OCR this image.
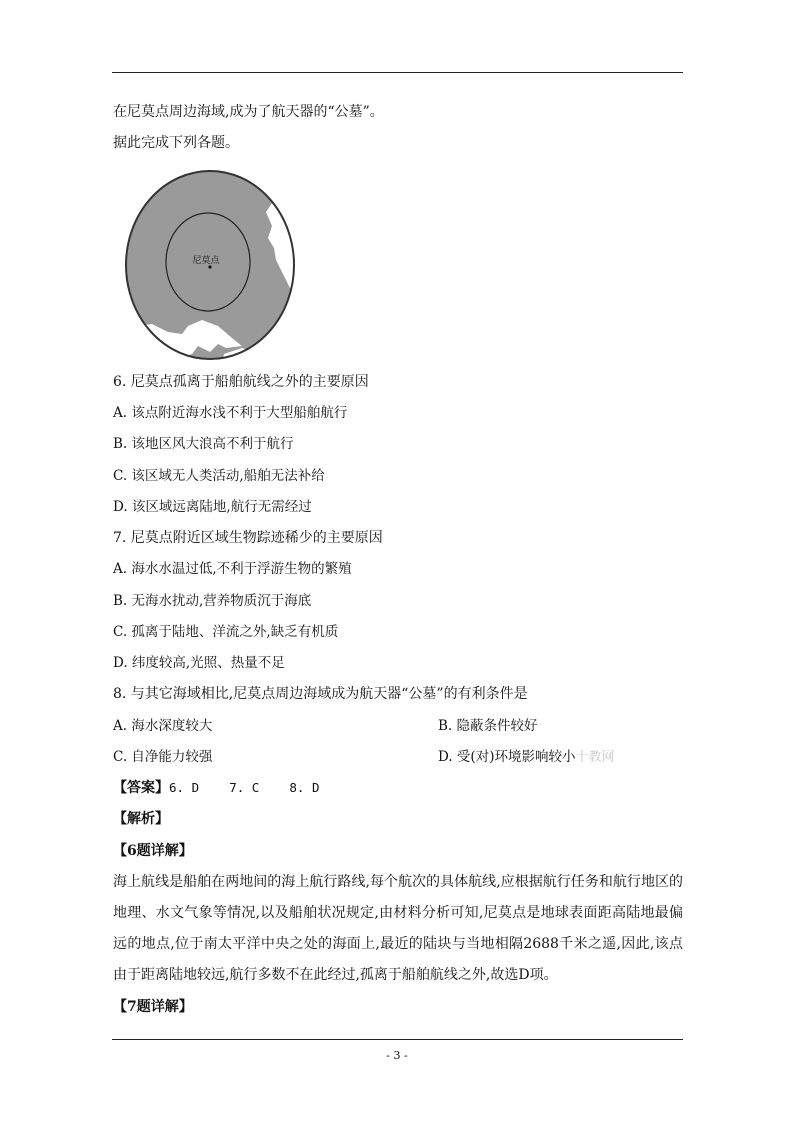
在尼莫点周边海域,成为了航天器的“公墓”。
据此完成下列各题。
尼莫点
6. 尼莫点孤离于船舶航线之外的主要原因
A. 该点附近海水浅不利于大型船舶航行
B. 该地区风大浪高不利于航行
C. 该区域无人类活动,船舶无法补给
D. 该区域远离陆地,航行无需经过
7. 尼莫点附近区域生物踪迹稀少的主要原因
A. 海水水温过低,不利于浮游生物的繁殖
B. 无海水扰动,营养物质沉于海底
C. 孤离于陆地、洋流之外,缺乏有机质
D. 纬度较高,光照、热量不足
8. 与其它海域相比,尼莫点周边海域成为航天器“公墓”的有利条件是
A. 海水深度较大	B. 隐蔽条件较好
C. 自净能力较强	D. 受(对)环境影响较小十教网
【答案】6. D    7. C    8. D
【解析】
【6题详解】
海上航线是船舶在两地间的海上航行路线,每个航次的具体航线,应根据航行任务和航行地区的地理、水文气象等情况,以及船舶状况规定,由材料分析可知,尼莫点是地球表面距高陆地最偏远的地点,位于南太平洋中央之处的海面上,最近的陆块与当地相隔2688千米之遥,因此,该点由于距离陆地较远,航行多数不在此经过,孤离于船舶航线之外,故选D项。
【7题详解】
- 3 -
